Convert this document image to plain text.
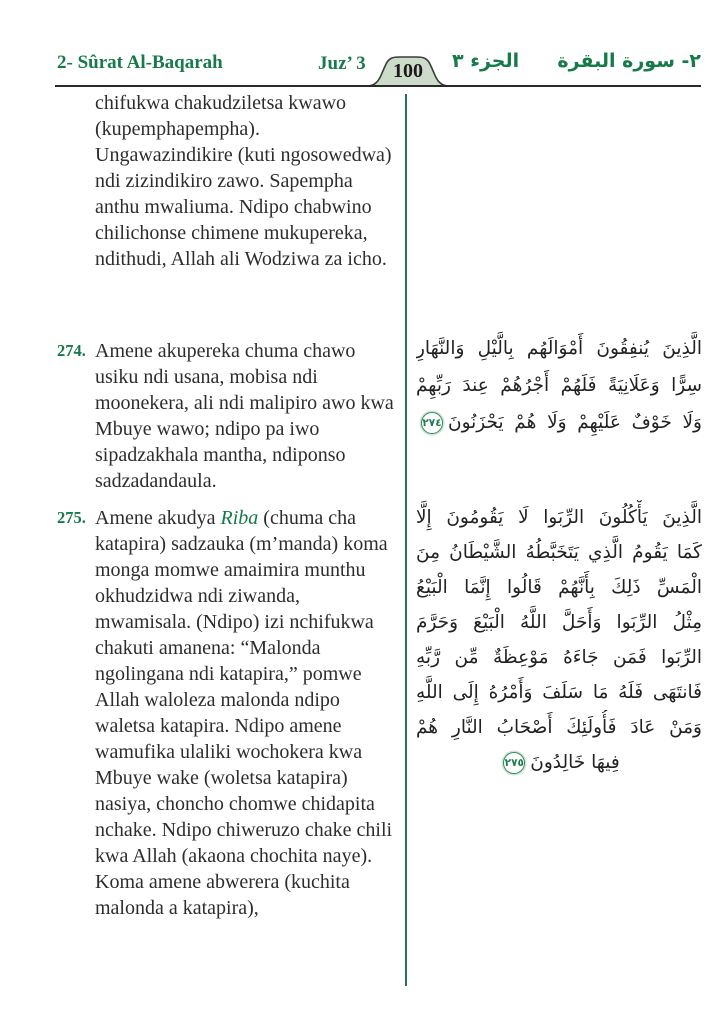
2- Sûrat Al-Baqarah	Juz’ 3	100	الجزء ٣ ٢- سورة البقرة

chifukwa chakudziletsa kwawo (kupemphapempha). Ungawazindikire (kuti ngosowedwa) ndi zizindikiro zawo. Sapempha anthu mwaliuma. Ndipo chabwino chilichonse chimene mukupereka, ndithudi, Allah ali Wodziwa za icho.

274. Amene akupereka chuma chawo usiku ndi usana, mobisa ndi moonekera, ali ndi malipiro awo kwa Mbuye wawo; ndipo pa iwo sipadzakhala mantha, ndiponso sadzadandaula.

275. Amene akudya Riba (chuma cha katapira) sadzauka (m’manda) koma monga momwe amaimira munthu okhudzidwa ndi ziwanda, mwamisala. (Ndipo) izi nchifukwa chakuti amanena: “Malonda ngolingana ndi katapira,” pomwe Allah waloleza malonda ndipo waletsa katapira. Ndipo amene wamufika ulaliki wochokera kwa Mbuye wake (woletsa katapira) nasiya, choncho chomwe chidapita nchake. Ndipo chiweruzo chake chili kwa Allah (akaona chochita naye). Koma amene abwerera (kuchita malonda a katapira),

الَّذِينَ يُنفِقُونَ أَمْوَالَهُم بِالَّيْلِ وَالنَّهَارِ
سِرًّا وَعَلَانِيَةً فَلَهُمْ أَجْرُهُمْ عِندَ رَبِّهِمْ
وَلَا خَوْفٌ عَلَيْهِمْ وَلَا هُمْ يَحْزَنُونَ٢٧٤
الَّذِينَ يَأْكُلُونَ الرِّبَوا لَا يَقُومُونَ إِلَّا
كَمَا يَقُومُ الَّذِي يَتَخَبَّطُهُ الشَّيْطَانُ مِنَ
الْمَسِّ ذَلِكَ بِأَنَّهُمْ قَالُوا إِنَّمَا الْبَيْعُ
مِثْلُ الرِّبَوا وَأَحَلَّ اللَّهُ الْبَيْعَ وَحَرَّمَ
الرِّبَوا فَمَن جَاءَهُ مَوْعِظَةٌ مِّن رَّبِّهِ
فَانتَهَى فَلَهُ مَا سَلَفَ وَأَمْرُهُ إِلَى اللَّهِ
وَمَنْ عَادَ فَأُولَئِكَ أَصْحَابُ النَّارِ هُمْ
فِيهَا خَالِدُونَ٢٧٥
